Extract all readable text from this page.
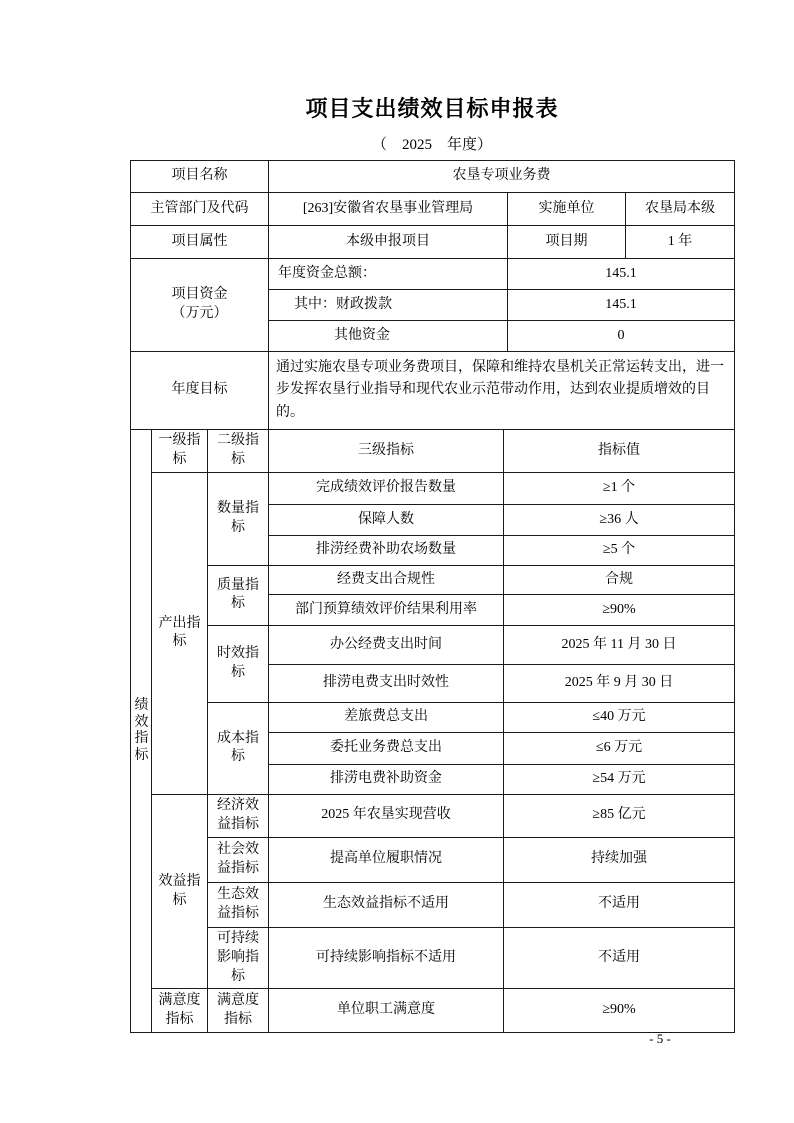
项目支出绩效目标申报表
（　2025　年度）
项目名称	农垦专项业务费		
主管部门及代码	[263]安徽省农垦事业管理局	实施单位	农垦局本级
项目属性	本级申报项目	项目期	1 年

项目资金（万元）	年度资金总额：	145.1	
	其中：财政拨款	145.1	
	其他资金	0	
年度目标	通过实施农垦专项业务费项目，保障和维持农垦机关正常运转支出，进一步发挥农垦行业指导和现代农业示范带动作用，达到农业提质增效的目的。		
绩效指标	一级指标	二级指标	三级指标	指标值
	产出指标	数量指标	完成绩效评价报告数量	≥1 个
			保障人数	≥36 人
			排涝经费补助农场数量	≥5 个
		质量指标	经费支出合规性	合规
			部门预算绩效评价结果利用率	≥90%
		时效指标	办公经费支出时间	2025 年 11 月 30 日
			排涝电费支出时效性	2025 年 9 月 30 日
		成本指标	差旅费总支出	≤40 万元
			委托业务费总支出	≤6 万元
			排涝电费补助资金	≥54 万元
	效益指标	经济效益指标	2025 年农垦实现营收	≥85 亿元
		社会效益指标	提高单位履职情况	持续加强
		生态效益指标	生态效益指标不适用	不适用
		可持续影响指标	可持续影响指标不适用	不适用
	满意度指标	满意度指标	单位职工满意度	≥90%
- 5 -
